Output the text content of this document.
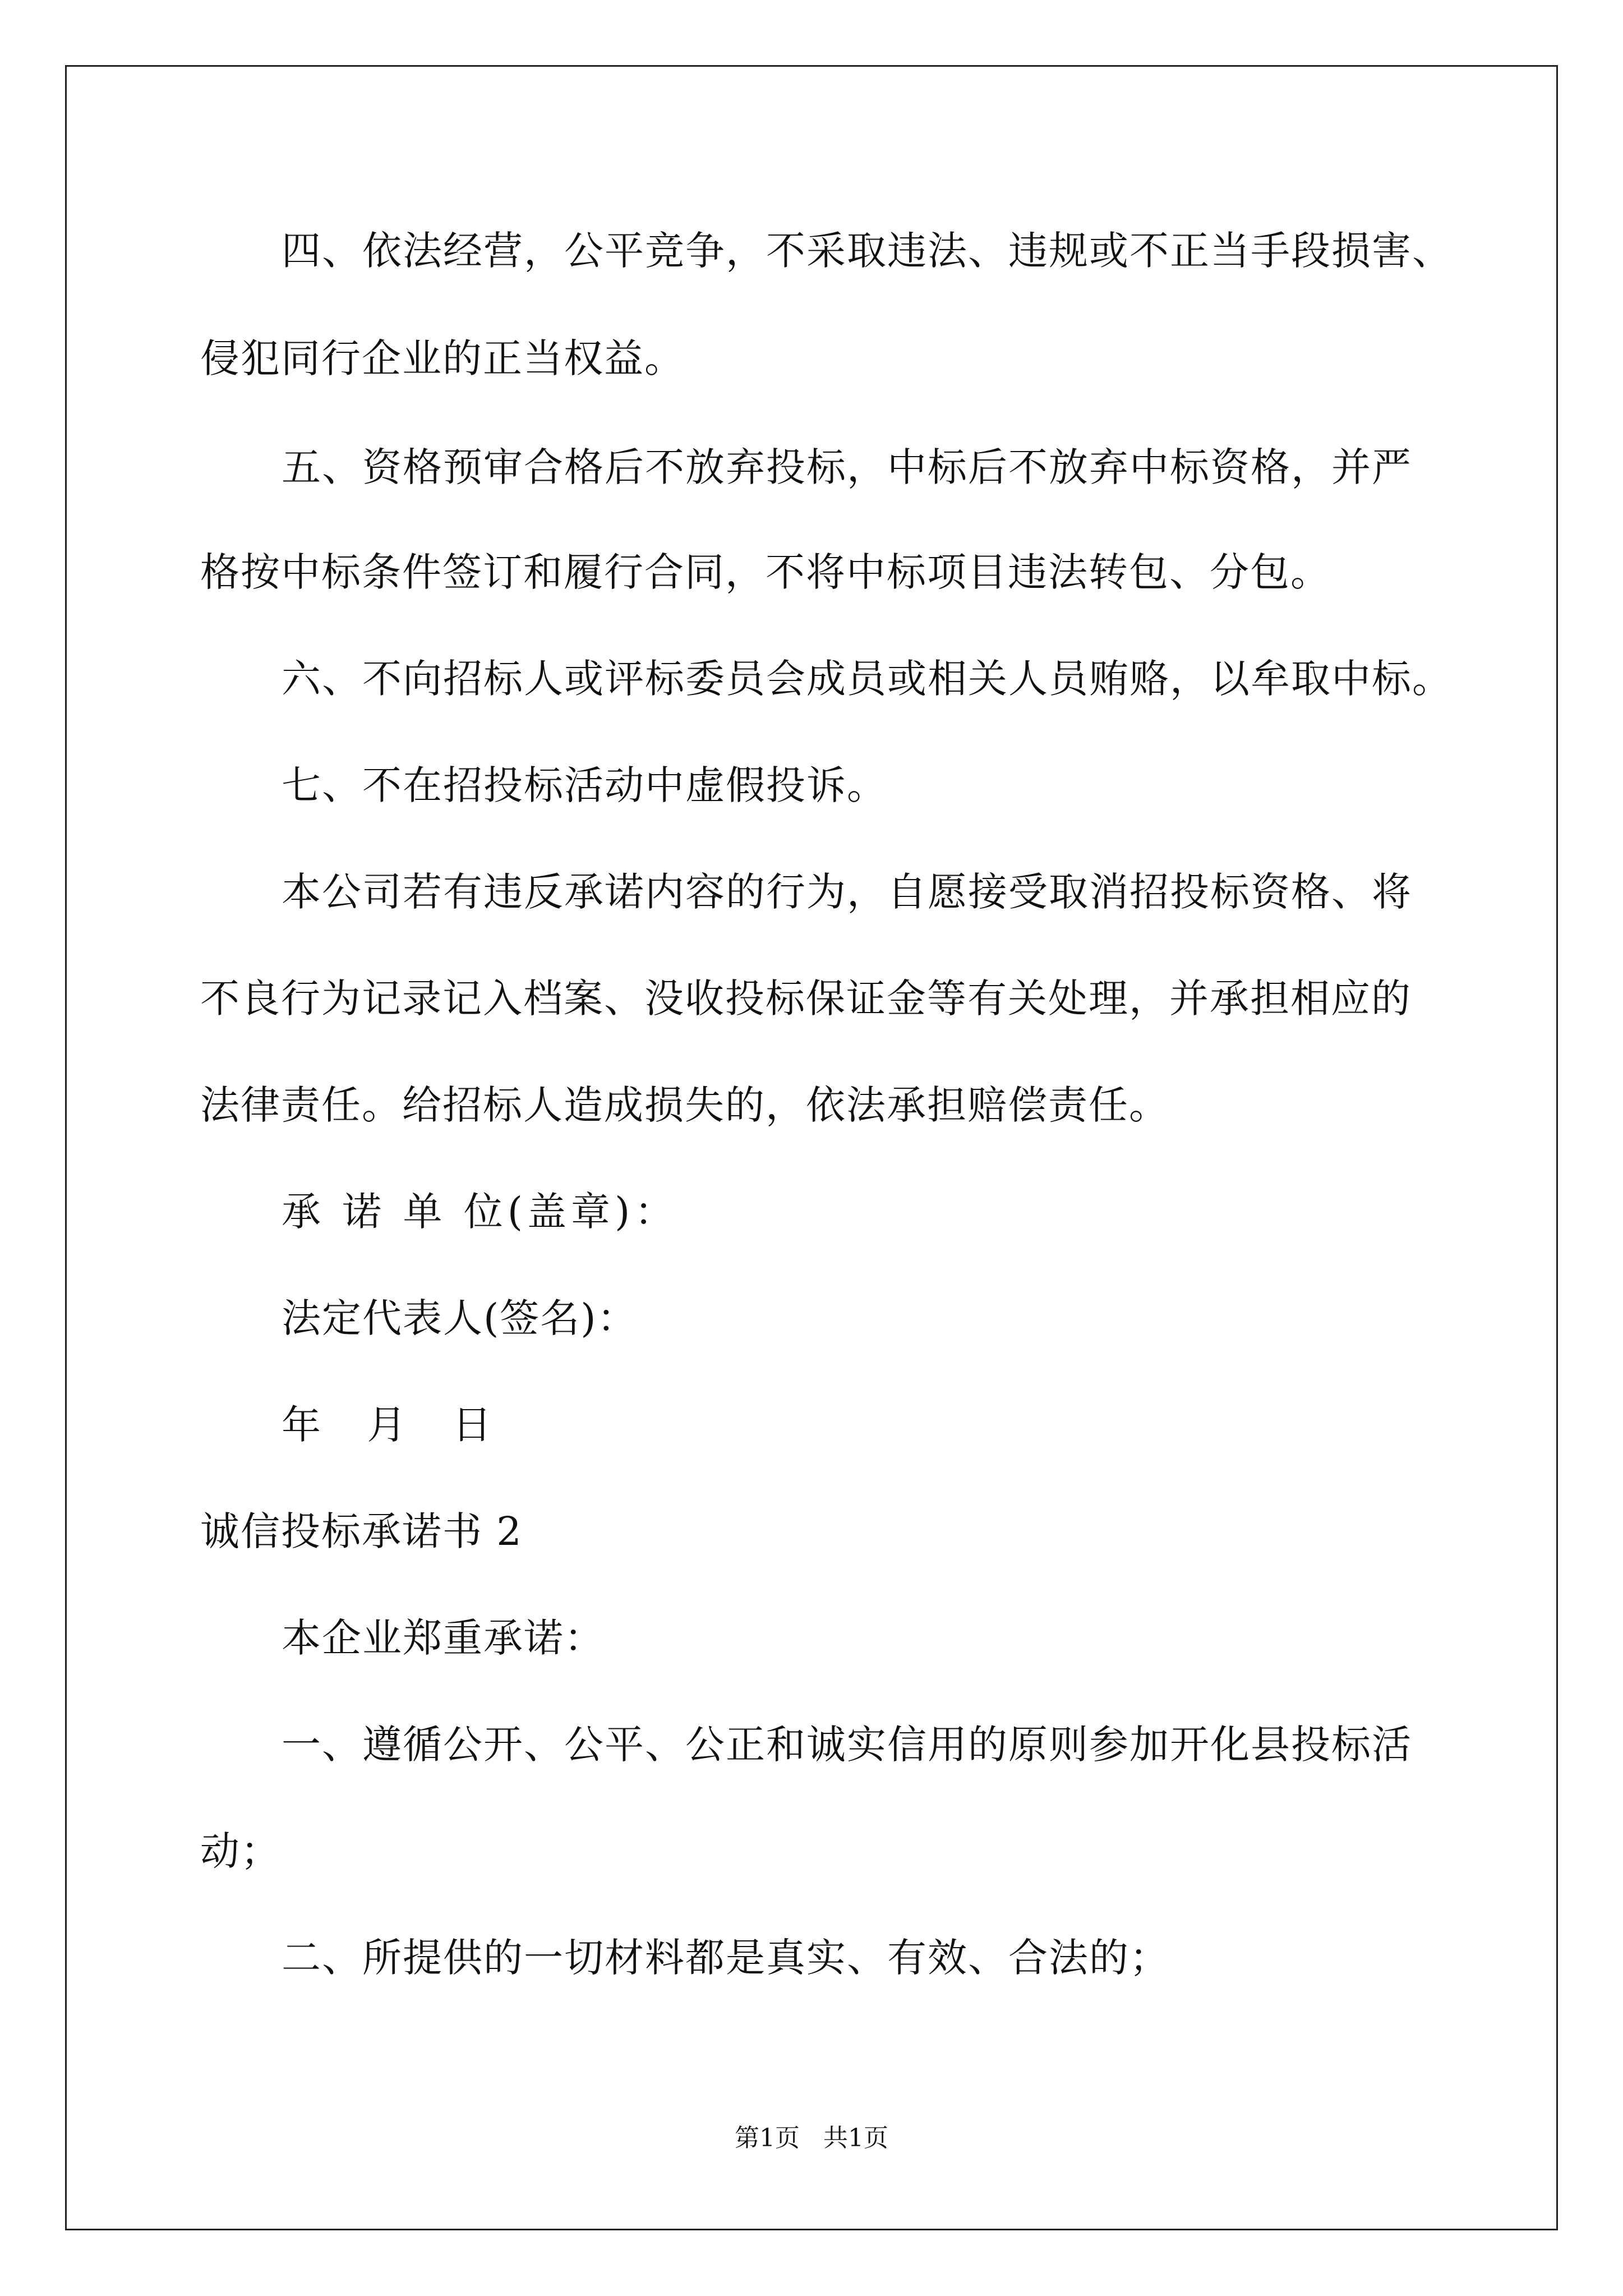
四、依法经营，公平竞争，不采取违法、违规或不正当手段损害、
侵犯同行企业的正当权益。
五、资格预审合格后不放弃投标，中标后不放弃中标资格，并严
格按中标条件签订和履行合同，不将中标项目违法转包、分包。
六、不向招标人或评标委员会成员或相关人员贿赂，以牟取中标。
七、不在招投标活动中虚假投诉。
本公司若有违反承诺内容的行为，自愿接受取消招投标资格、将
不良行为记录记入档案、没收投标保证金等有关处理，并承担相应的
法律责任。给招标人造成损失的，依法承担赔偿责任。
承 诺 单 位(盖章)：
法定代表人(签名)：
年 月 日
诚信投标承诺书 2
本企业郑重承诺：
一、遵循公开、公平、公正和诚实信用的原则参加开化县投标活
动；
二、所提供的一切材料都是真实、有效、合法的；
第1页   共1页
